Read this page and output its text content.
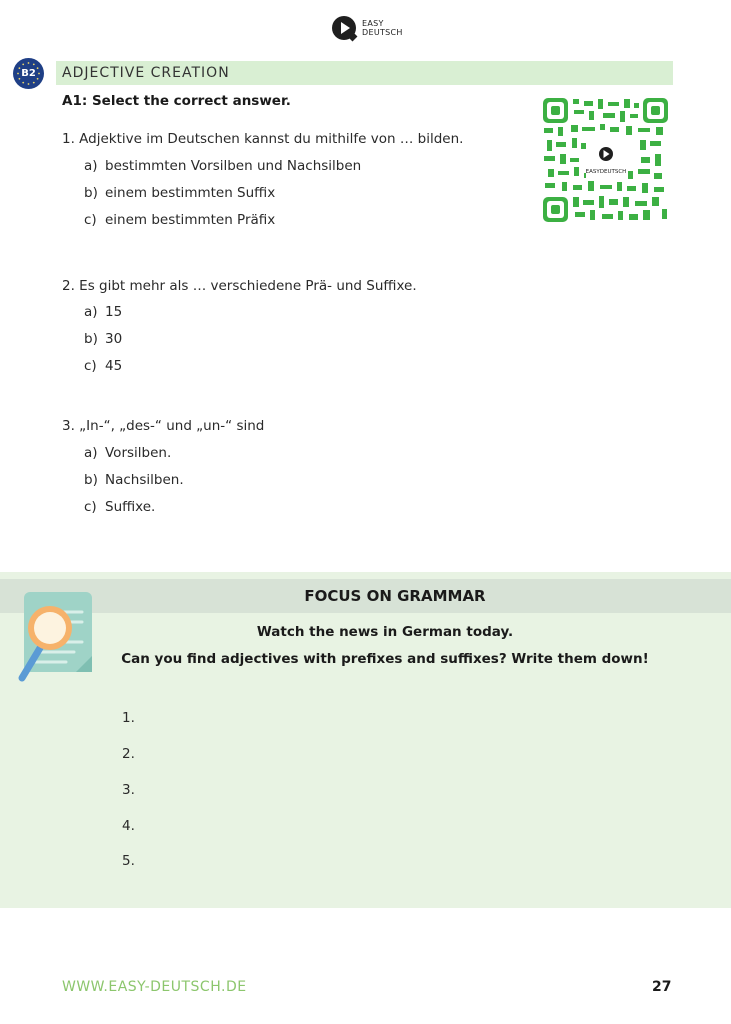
EASY
DEUTSCH
B2	ADJECTIVE CREATION
A1: Select the correct answer.
1. Adjektive im Deutschen kannst du mithilfe von … bilden.
a) bestimmten Vorsilben und Nachsilben
b) einem bestimmten Suffix
c) einem bestimmten Präfix
2. Es gibt mehr als … verschiedene Prä- und Suffixe.
a) 15
b) 30
c) 45
3. „In-“, „des-“ und „un-“ sind
a) Vorsilben.
b) Nachsilben.
c) Suffixe.
EASYDEUTSCH
FOCUS ON GRAMMAR
Watch the news in German today.
Can you find adjectives with prefixes and suffixes? Write them down!
1.
2.
3.
4.
5.
WWW.EASY-DEUTSCH.DE	27
